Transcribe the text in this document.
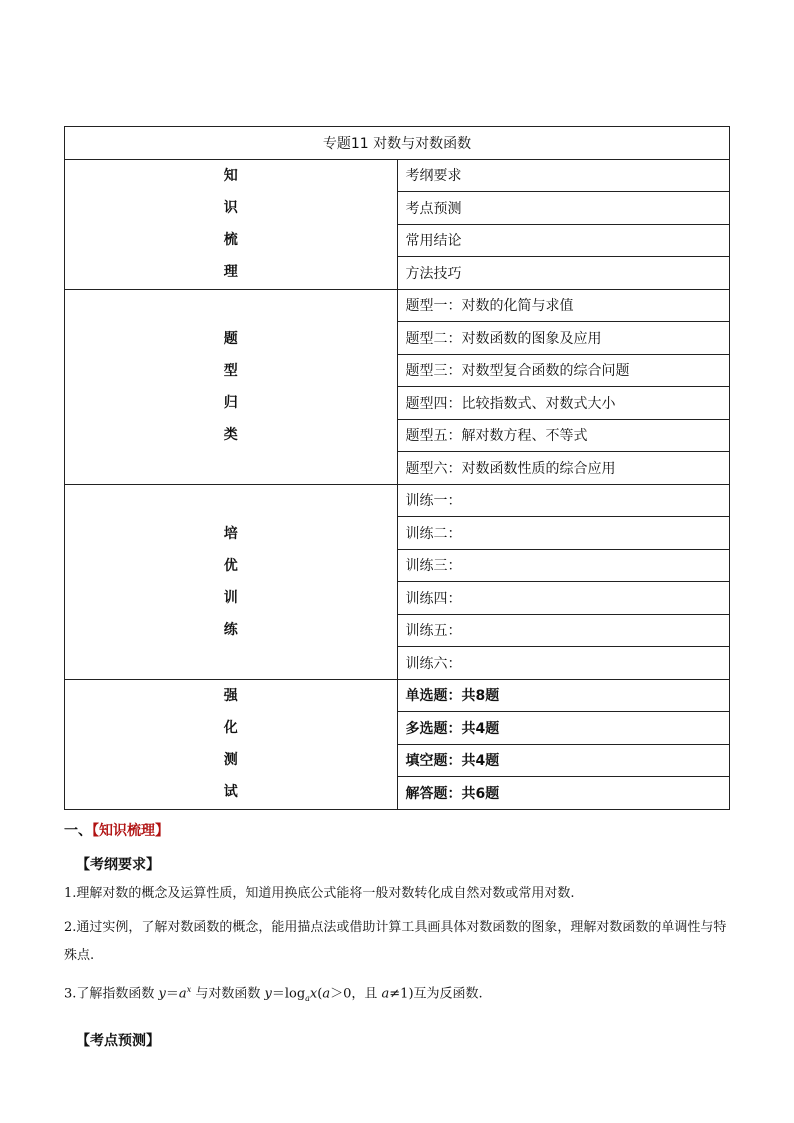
专题11 对数与对数函数	

知
识
梳
理	考纲要求
	考点预测
	常用结论
	方法技巧

题
型
归
类	题型一：对数的化简与求值
	题型二：对数函数的图象及应用
	题型三：对数型复合函数的综合问题
	题型四：比较指数式、对数式大小
	题型五：解对数方程、不等式
	题型六：对数函数性质的综合应用

培
优
训
练	训练一：
	训练二：
	训练三：
	训练四：
	训练五：
	训练六：

强
化
测
试	单选题：共8题
	多选题：共4题
	填空题：共4题
	解答题：共6题
一、【知识梳理】
【考纲要求】
1.理解对数的概念及运算性质，知道用换底公式能将一般对数转化成自然对数或常用对数.
2.通过实例，了解对数函数的概念，能用描点法或借助计算工具画具体对数函数的图象，理解对数函数的单调性与特殊点.
3.了解指数函数 $y=a^x$ 与对数函数 $y=\log_ax(a>0$，且 a≠1)互为反函数.
【考点预测】
